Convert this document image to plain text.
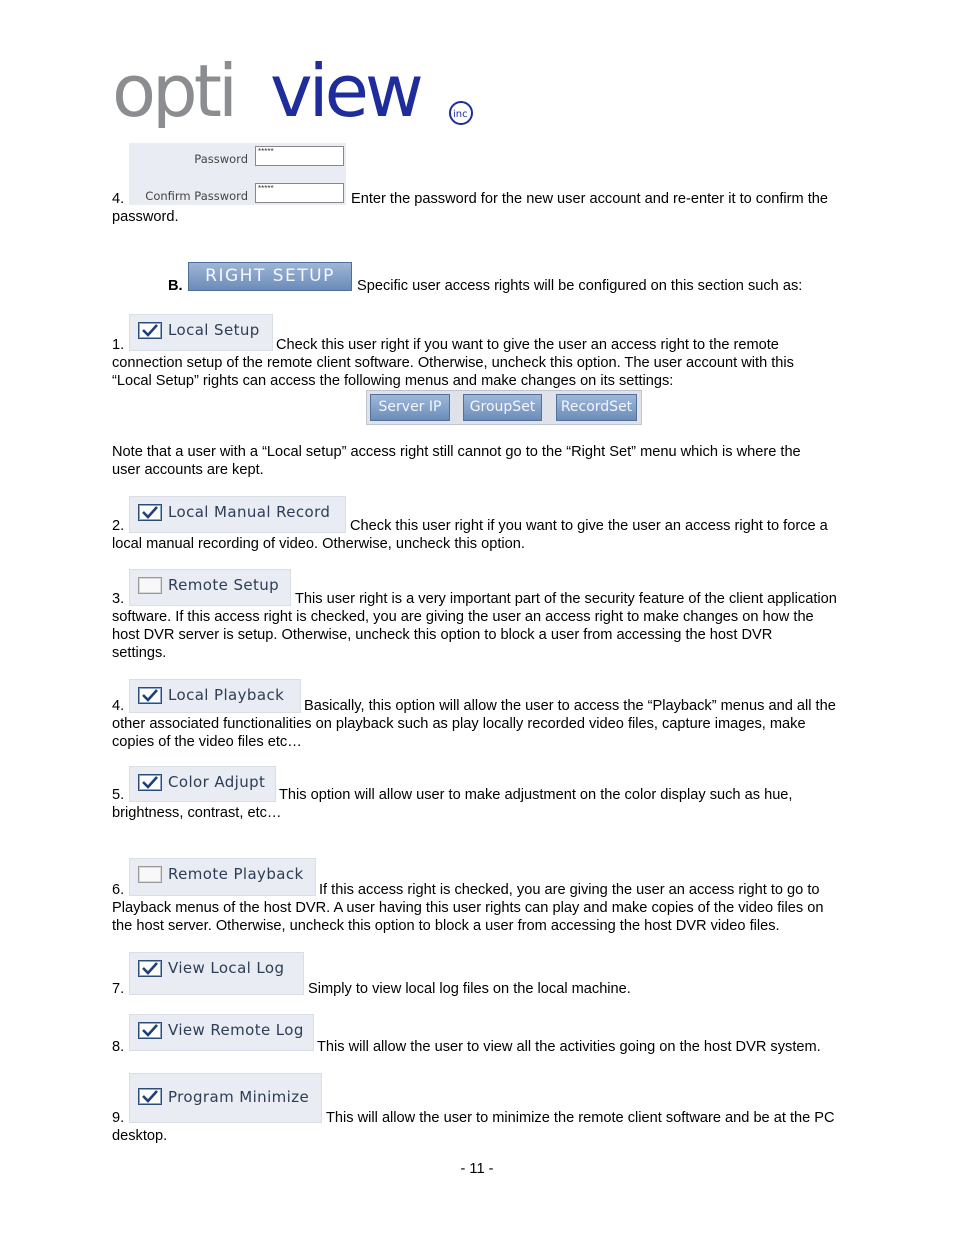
opti view	inc
Password
*****
Confirm Password
*****
4.	Enter the password for the new user account and re-enter it to confirm the
password.
B.	RIGHT SETUP	Specific user access rights will be configured on this section such as:
Local Setup
1.	Check this user right if you want to give the user an access right to the remote
connection setup of the remote client software. Otherwise, uncheck this option. The user account with this
“Local Setup” rights can access the following menus and make changes on its settings:
Server IP	GroupSet	RecordSet
Note that a user with a “Local setup” access right still cannot go to the “Right Set” menu which is where the
user accounts are kept.
Local Manual Record
2.	Check this user right if you want to give the user an access right to force a
local manual recording of video. Otherwise, uncheck this option.
Remote Setup
3.	This user right is a very important part of the security feature of the client application
software. If this access right is checked, you are giving the user an access right to make changes on how the
host DVR server is setup. Otherwise, uncheck this option to block a user from accessing the host DVR
settings.
Local Playback
4.	Basically, this option will allow the user to access the “Playback” menus and all the
other associated functionalities on playback such as play locally recorded video files, capture images, make
copies of the video files etc…
Color Adjupt
5.	This option will allow user to make adjustment on the color display such as hue,
brightness, contrast, etc…
Remote Playback
6.	If this access right is checked, you are giving the user an access right to go to
Playback menus of the host DVR. A user having this user rights can play and make copies of the video files on
the host server. Otherwise, uncheck this option to block a user from accessing the host DVR video files.
View Local Log
7.	Simply to view local log files on the local machine.
View Remote Log
8.	This will allow the user to view all the activities going on the host DVR system.
Program Minimize
9.	This will allow the user to minimize the remote client software and be at the PC
desktop.
- 11 -
